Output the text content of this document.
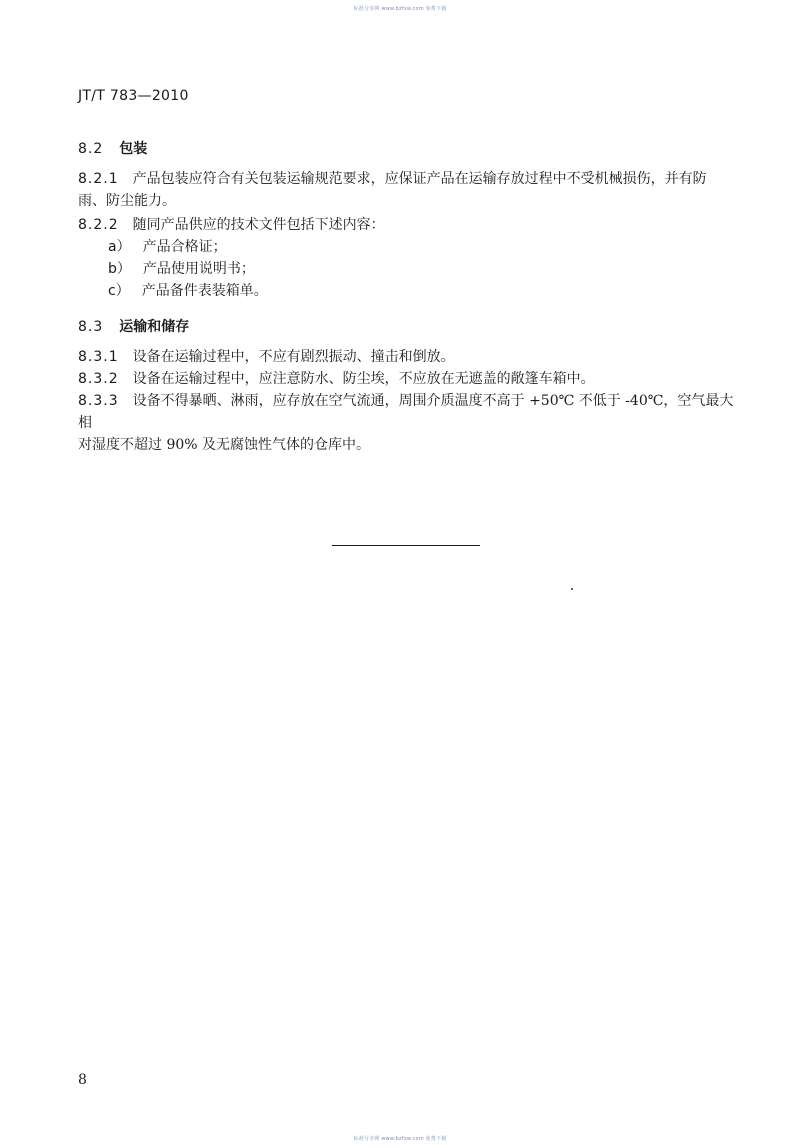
标准分享网 www.bzfxw.com 免费下载
JT/T 783—2010
8.2 包装
8.2.1 产品包装应符合有关包装运输规范要求，应保证产品在运输存放过程中不受机械损伤，并有防
雨、防尘能力。
8.2.2 随同产品供应的技术文件包括下述内容：
a） 产品合格证；
b） 产品使用说明书；
c） 产品备件表装箱单。
8.3 运输和储存
8.3.1 设备在运输过程中，不应有剧烈振动、撞击和倒放。
8.3.2 设备在运输过程中，应注意防水、防尘埃，不应放在无遮盖的敞篷车箱中。
8.3.3 设备不得暴晒、淋雨，应存放在空气流通，周围介质温度不高于 +50℃ 不低于 -40℃，空气最大相
对湿度不超过 90% 及无腐蚀性气体的仓库中。
8
标准分享网 www.bzfxw.com 免费下载
